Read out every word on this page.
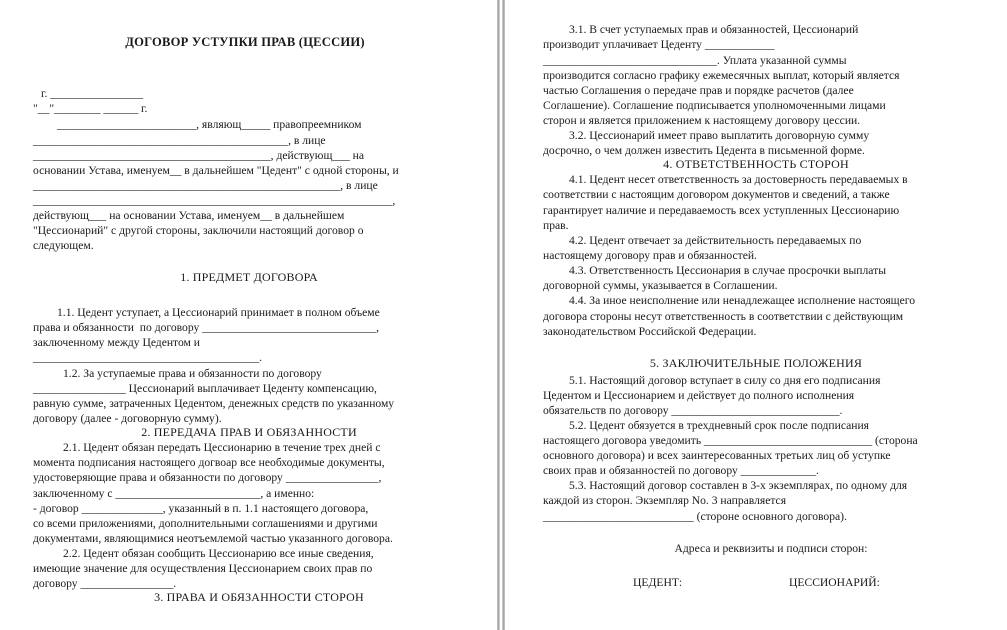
ДОГОВОР УСТУПКИ ПРАВ (ЦЕССИИ)
г. ________________
"__"________ ______ г.
________________________, являющ_____ правопреемником
____________________________________________, в лице
_________________________________________, действующ___ на
основании Устава, именуем__ в дальнейшем "Цедент" с одной стороны, и
_____________________________________________________, в лице
______________________________________________________________,
действующ___ на основании Устава, именуем__ в дальнейшем
"Цессионарий" с другой стороны, заключили настоящий договор о
следующем.
1. ПРЕДМЕТ ДОГОВОРА
1.1. Цедент уступает, а Цессионарий принимает в полном объеме
права и обязанности  по договору ______________________________,
заключенному между Цедентом и
_______________________________________.
1.2. За уступаемые права и обязанности по договору
________________ Цессионарий выплачивает Цеденту компенсацию,
равную сумме, затраченных Цедентом, денежных средств по указанному
договору (далее - договорную сумму).
2. ПЕРЕДАЧА ПРАВ И ОБЯЗАННОСТИ
2.1. Цедент обязан передать Цессионарию в течение трех дней с
момента подписания настоящего догвоар все необходимые документы,
удостоверяющие права и обязанности по договору ________________,
заключенному с _________________________, а именно:
- договор ______________, указанный в п. 1.1 настоящего договора,
со всеми приложениями, дополнительными соглашениями и другими
документами, являющимися неотъемлемой частью указанного договора.
2.2. Цедент обязан сообщить Цессионарию все иные сведения,
имеющие значение для осуществления Цессионарием своих прав по
договору ________________.
3. ПРАВА И ОБЯЗАННОСТИ СТОРОН
3.1. В счет уступаемых прав и обязанностей, Цессионарий
производит уплачивает Цеденту ____________
______________________________. Уплата указанной суммы
производится согласно графику ежемесячных выплат, который является
частью Соглашения о передаче прав и порядке расчетов (далее
Соглашение). Соглашение подписывается уполномоченными лицами
сторон и является приложением к настоящему договору цессии.
3.2. Цессионарий имеет право выплатить договорную сумму
досрочно, о чем должен известить Цедента в письменной форме.
4. ОТВЕТСТВЕННОСТЬ СТОРОН
4.1. Цедент несет ответственность за достоверность передаваемых в
соответствии с настоящим договором документов и сведений, а также
гарантирует наличие и передаваемость всех уступленных Цессионарию
прав.
4.2. Цедент отвечает за действительность передаваемых по
настоящему договору прав и обязанностей.
4.3. Ответственность Цессионария в случае просрочки выплаты
договорной суммы, указывается в Соглашении.
4.4. За иное неисполнение или ненадлежащее исполнение настоящего
договора стороны несут ответственность в соответствии с действующим
законодательством Российской Федерации.
5. ЗАКЛЮЧИТЕЛЬНЫЕ ПОЛОЖЕНИЯ
5.1. Настоящий договор вступает в силу со дня его подписания
Цедентом и Цессионарием и действует до полного исполнения
обязательств по договору _____________________________.
5.2. Цедент обязуется в трехдневный срок после подписания
настоящего договора уведомить _____________________________ (сторона
основного договора) и всех заинтересованных третьих лиц об уступке
своих прав и обязанностей по договору _____________.
5.3. Настоящий договор составлен в 3-х экземплярах, по одному для
каждой из сторон. Экземпляр No. 3 направляется
__________________________ (стороне основного договора).
Адреса и реквизиты и подписи сторон:
ЦЕДЕНТ:	ЦЕССИОНАРИЙ:
